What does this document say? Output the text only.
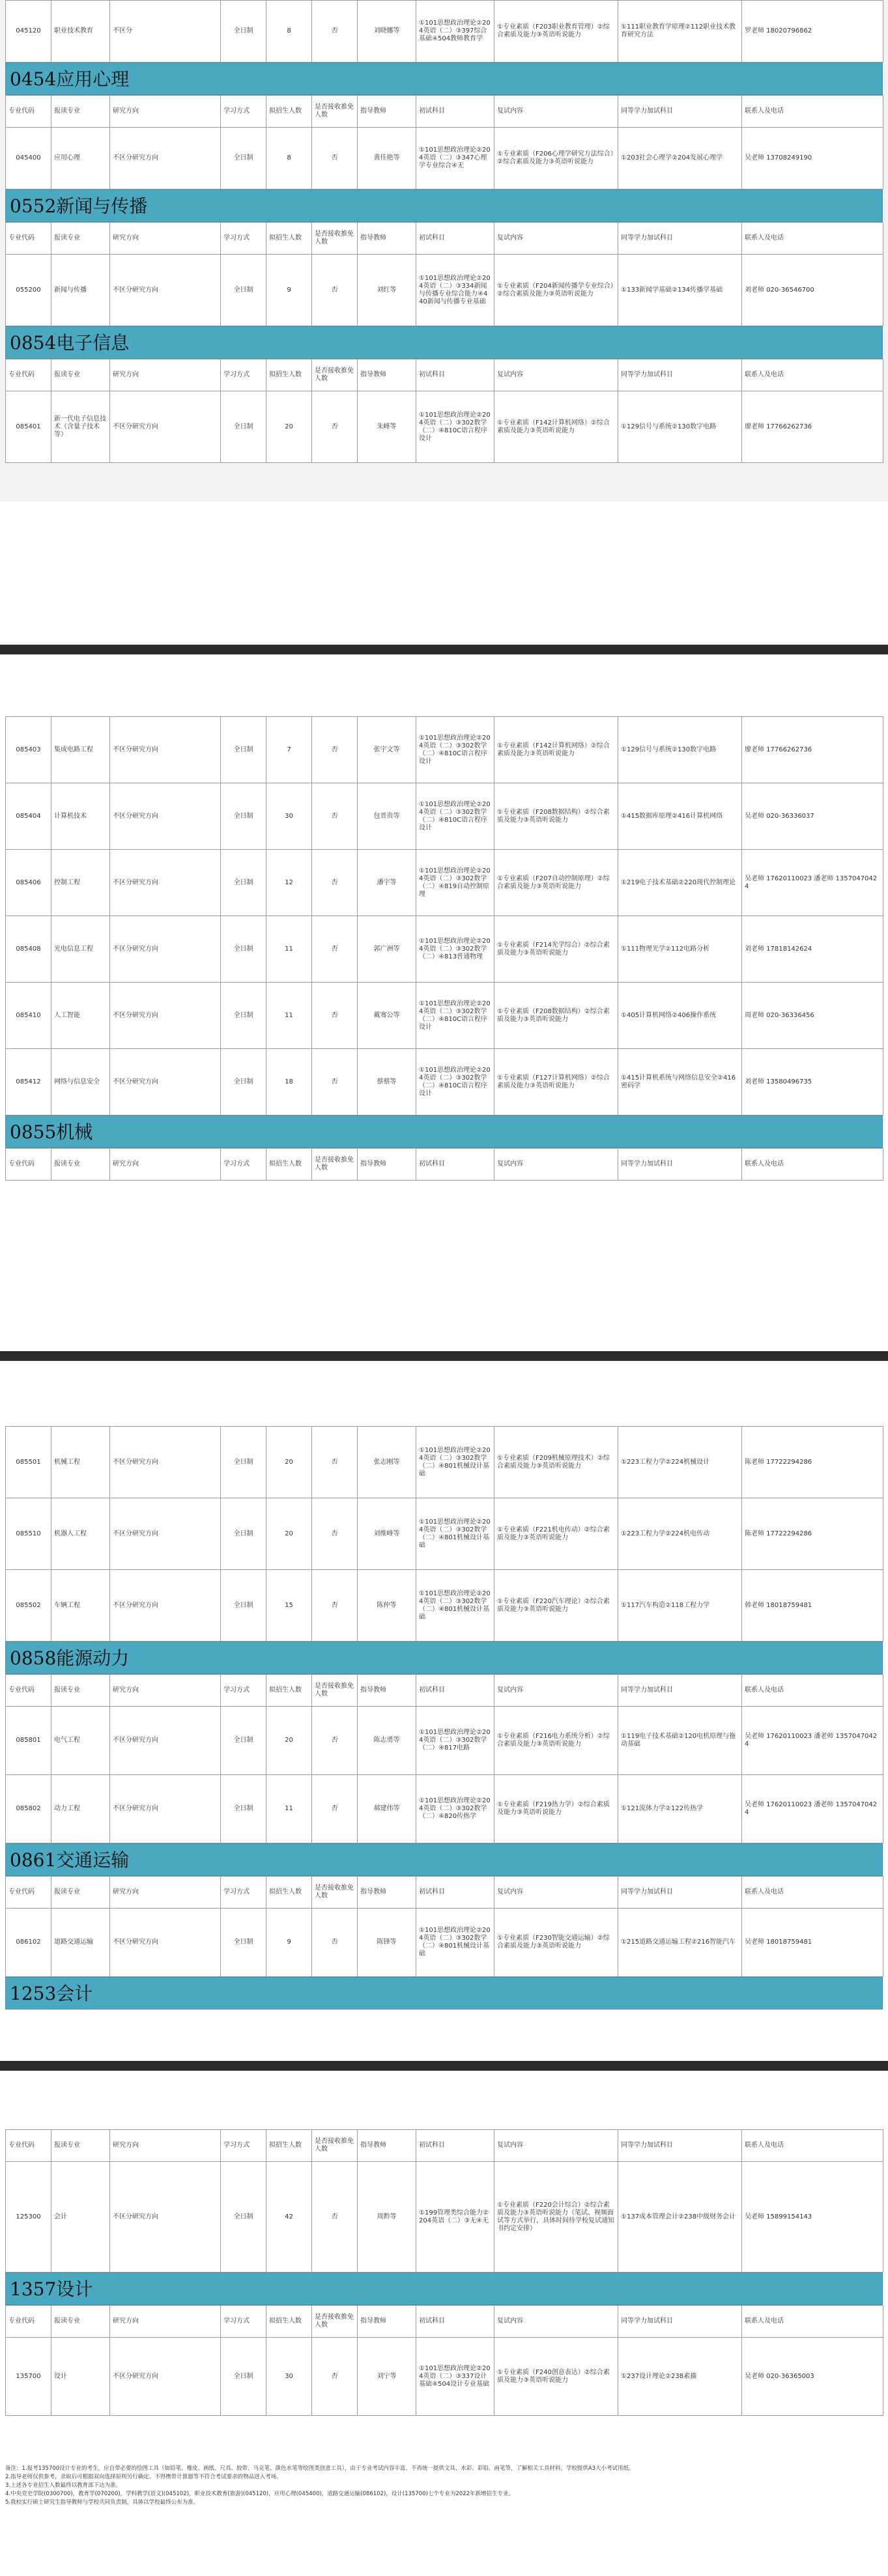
045120	职业技术教育	不区分	全日制	8	否	刘晓娜等	①101思想政治理论②204英语（二）③397综合基础④504教师教育学	①专业素质（F203职业教育管理）②综合素质及能力③英语听说能力	①111职业教育学原理②112职业技术教育研究方法	罗老师 18020796862
0454应用心理
专业代码	报读专业	研究方向	学习方式	拟招生人数	是否接收推免人数	指导教师	初试科目	复试内容	同等学力加试科目	联系人及电话
045400	应用心理	不区分研究方向	全日制	8	否	黄佳艳等	①101思想政治理论②204英语（二）③347心理学专业综合④无	①专业素质（F206心理学研究方法综合）②综合素质及能力③英语听说能力	①203社会心理学②204发展心理学	吴老师 13708249190
0552新闻与传播
专业代码	报读专业	研究方向	学习方式	拟招生人数	是否接收推免人数	指导教师	初试科目	复试内容	同等学力加试科目	联系人及电话
055200	新闻与传播	不区分研究方向	全日制	9	否	刘红等	①101思想政治理论②204英语（二）③334新闻与传播专业综合能力④440新闻与传播专业基础	①专业素质（F204新闻传播学专业综合）②综合素质及能力③英语听说能力	①133新闻学基础②134传播学基础	刘老师 020-36546700
0854电子信息
专业代码	报读专业	研究方向	学习方式	拟招生人数	是否接收推免人数	指导教师	初试科目	复试内容	同等学力加试科目	联系人及电话
085401	新一代电子信息技术（含量子技术等）	不区分研究方向	全日制	20	否	朱峰等	①101思想政治理论②204英语（二）③302数学（二）④810C语言程序设计	①专业素质（F142计算机网络）②综合素质及能力③英语听说能力	①129信号与系统②130数字电路	廖老师 17766262736
085403	集成电路工程	不区分研究方向	全日制	7	否	张宇文等	①101思想政治理论②204英语（二）③302数学（二）④810C语言程序设计	①专业素质（F142计算机网络）②综合素质及能力③英语听说能力	①129信号与系统②130数字电路	廖老师 17766262736
085404	计算机技术	不区分研究方向	全日制	30	否	包晋贵等	①101思想政治理论②204英语（二）③302数学（二）④810C语言程序设计	①专业素质（F208数据结构）②综合素质及能力③英语听说能力	①415数据库原理②416计算机网络	吴老师 020-36336037
085406	控制工程	不区分研究方向	全日制	12	否	潘宇等	①101思想政治理论②204英语（二）③302数学（二）④819自动控制原理	①专业素质（F207自动控制原理）②综合素质及能力③英语听说能力	①219电子技术基础②220现代控制理论	吴老师 17620110023 潘老师 13570470424
085408	光电信息工程	不区分研究方向	全日制	11	否	郭广洲等	①101思想政治理论②204英语（二）③302数学（二）④813普通物理	①专业素质（F214光学综合）②综合素质及能力③英语听说能力	①111物理光学②112电路分析	刘老师 17818142624
085410	人工智能	不区分研究方向	全日制	11	否	戴骞公等	①101思想政治理论②204英语（二）③302数学（二）④810C语言程序设计	①专业素质（F208数据结构）②综合素质及能力③英语听说能力	①405计算机网络②406操作系统	周老师 020-36336456
085412	网络与信息安全	不区分研究方向	全日制	18	否	蔡蔡等	①101思想政治理论②204英语（二）③302数学（二）④810C语言程序设计	①专业素质（F127计算机网络）②综合素质及能力③英语听说能力	①415计算机系统与网络信息安全②416密码学	刘老师 13580496735
0855机械
专业代码	报读专业	研究方向	学习方式	拟招生人数	是否接收推免人数	指导教师	初试科目	复试内容	同等学力加试科目	联系人及电话
085501	机械工程	不区分研究方向	全日制	20	否	张志刚等	①101思想政治理论②204英语（二）③302数学（二）④801机械设计基础	①专业素质（F209机械原理技术）②综合素质及能力③英语听说能力	①223工程力学②224机械设计	陈老师 17722294286
085510	机器人工程	不区分研究方向	全日制	20	否	刘维峰等	①101思想政治理论②204英语（二）③302数学（二）④801机械设计基础	①专业素质（F221机电传动）②综合素质及能力③英语听说能力	①223工程力学②224机电传动	陈老师 17722294286
085502	车辆工程	不区分研究方向	全日制	15	否	陈仲等	①101思想政治理论②204英语（二）③302数学（二）④801机械设计基础	①专业素质（F220汽车理论）②综合素质及能力③英语听说能力	①117汽车构造②118工程力学	韩老师 18018759481
0858能源动力
专业代码	报读专业	研究方向	学习方式	拟招生人数	是否接收推免人数	指导教师	初试科目	复试内容	同等学力加试科目	联系人及电话
085801	电气工程	不区分研究方向	全日制	20	否	陈志勇等	①101思想政治理论②204英语（二）③302数学（二）④817电路	①专业素质（F216电力系统分析）②综合素质及能力③英语听说能力	①119电子技术基础②120电机原理与拖动基础	吴老师 17620110023 潘老师 13570470424
085802	动力工程	不区分研究方向	全日制	11	否	郝建伟等	①101思想政治理论②204英语（二）③302数学（二）④820传热学	①专业素质（F219热力学）②综合素质及能力③英语听说能力	①121流体力学②122传热学	吴老师 17620110023 潘老师 13570470424
0861交通运输
专业代码	报读专业	研究方向	学习方式	拟招生人数	是否接收推免人数	指导教师	初试科目	复试内容	同等学力加试科目	联系人及电话
086102	道路交通运输	不区分研究方向	全日制	9	否	陈锋等	①101思想政治理论②204英语（二）③302数学（二）④801机械设计基础	①专业素质（F230智能交通运输）②综合素质及能力③英语听说能力	①215道路交通运输工程②216智能汽车	吴老师 18018759481
1253会计
专业代码	报读专业	研究方向	学习方式	拟招生人数	是否接收推免人数	指导教师	初试科目	复试内容	同等学力加试科目	联系人及电话
125300	会计	不区分研究方向	全日制	42	否	周黔等	①199管理类综合能力②204英语（二）③无④无	①专业素质（F220会计综合）②综合素质及能力③英语听说能力（笔试、视频面试等方式举行，具体时间待学校复试通知书约定安排）	①137成本管理会计②238中级财务会计	吴老师 15899154143
1357设计
专业代码	报读专业	研究方向	学习方式	拟招生人数	是否接收推免人数	指导教师	初试科目	复试内容	同等学力加试科目	联系人及电话
135700	设计	不区分研究方向	全日制	30	否	刘宁等	①101思想政治理论②204英语（二）③337设计基础④504设计专业基础	①专业素质（F240创意表达）②综合素质及能力③英语听说能力	①237设计理论②238素描	吴老师 020-36365003

备注：1.报考135700设计专业的考生，应自带必要的绘图工具（如铅笔、橡皮、画纸、尺具、胶带、马克笔、颜色水笔等绘图类创意工具），由于专业考试内容丰富，不再统一提供文具、水彩、彩铅、画笔等，了解相关工具材料，学校提供A3大小考试用纸。

2.指导老师仅供参考，录取后可根据双向选择原则另行确定。不得携带计算器等不符合考试要求的物品进入考场。

3.上述各专业招生人数最终以教育部下达为准。

4.中央党史学院(0300700)，教育学(070200)，学科教学(语文)(045102)，职业技术教育(旅游)(045120)，应用心理(045400)，道路交通运输(086102)，设计(135700)七个专业为2022年新增招生专业。

5.我校实行硕士研究生指导教师与学校共同负责制，具体以学校最终公布为准。
